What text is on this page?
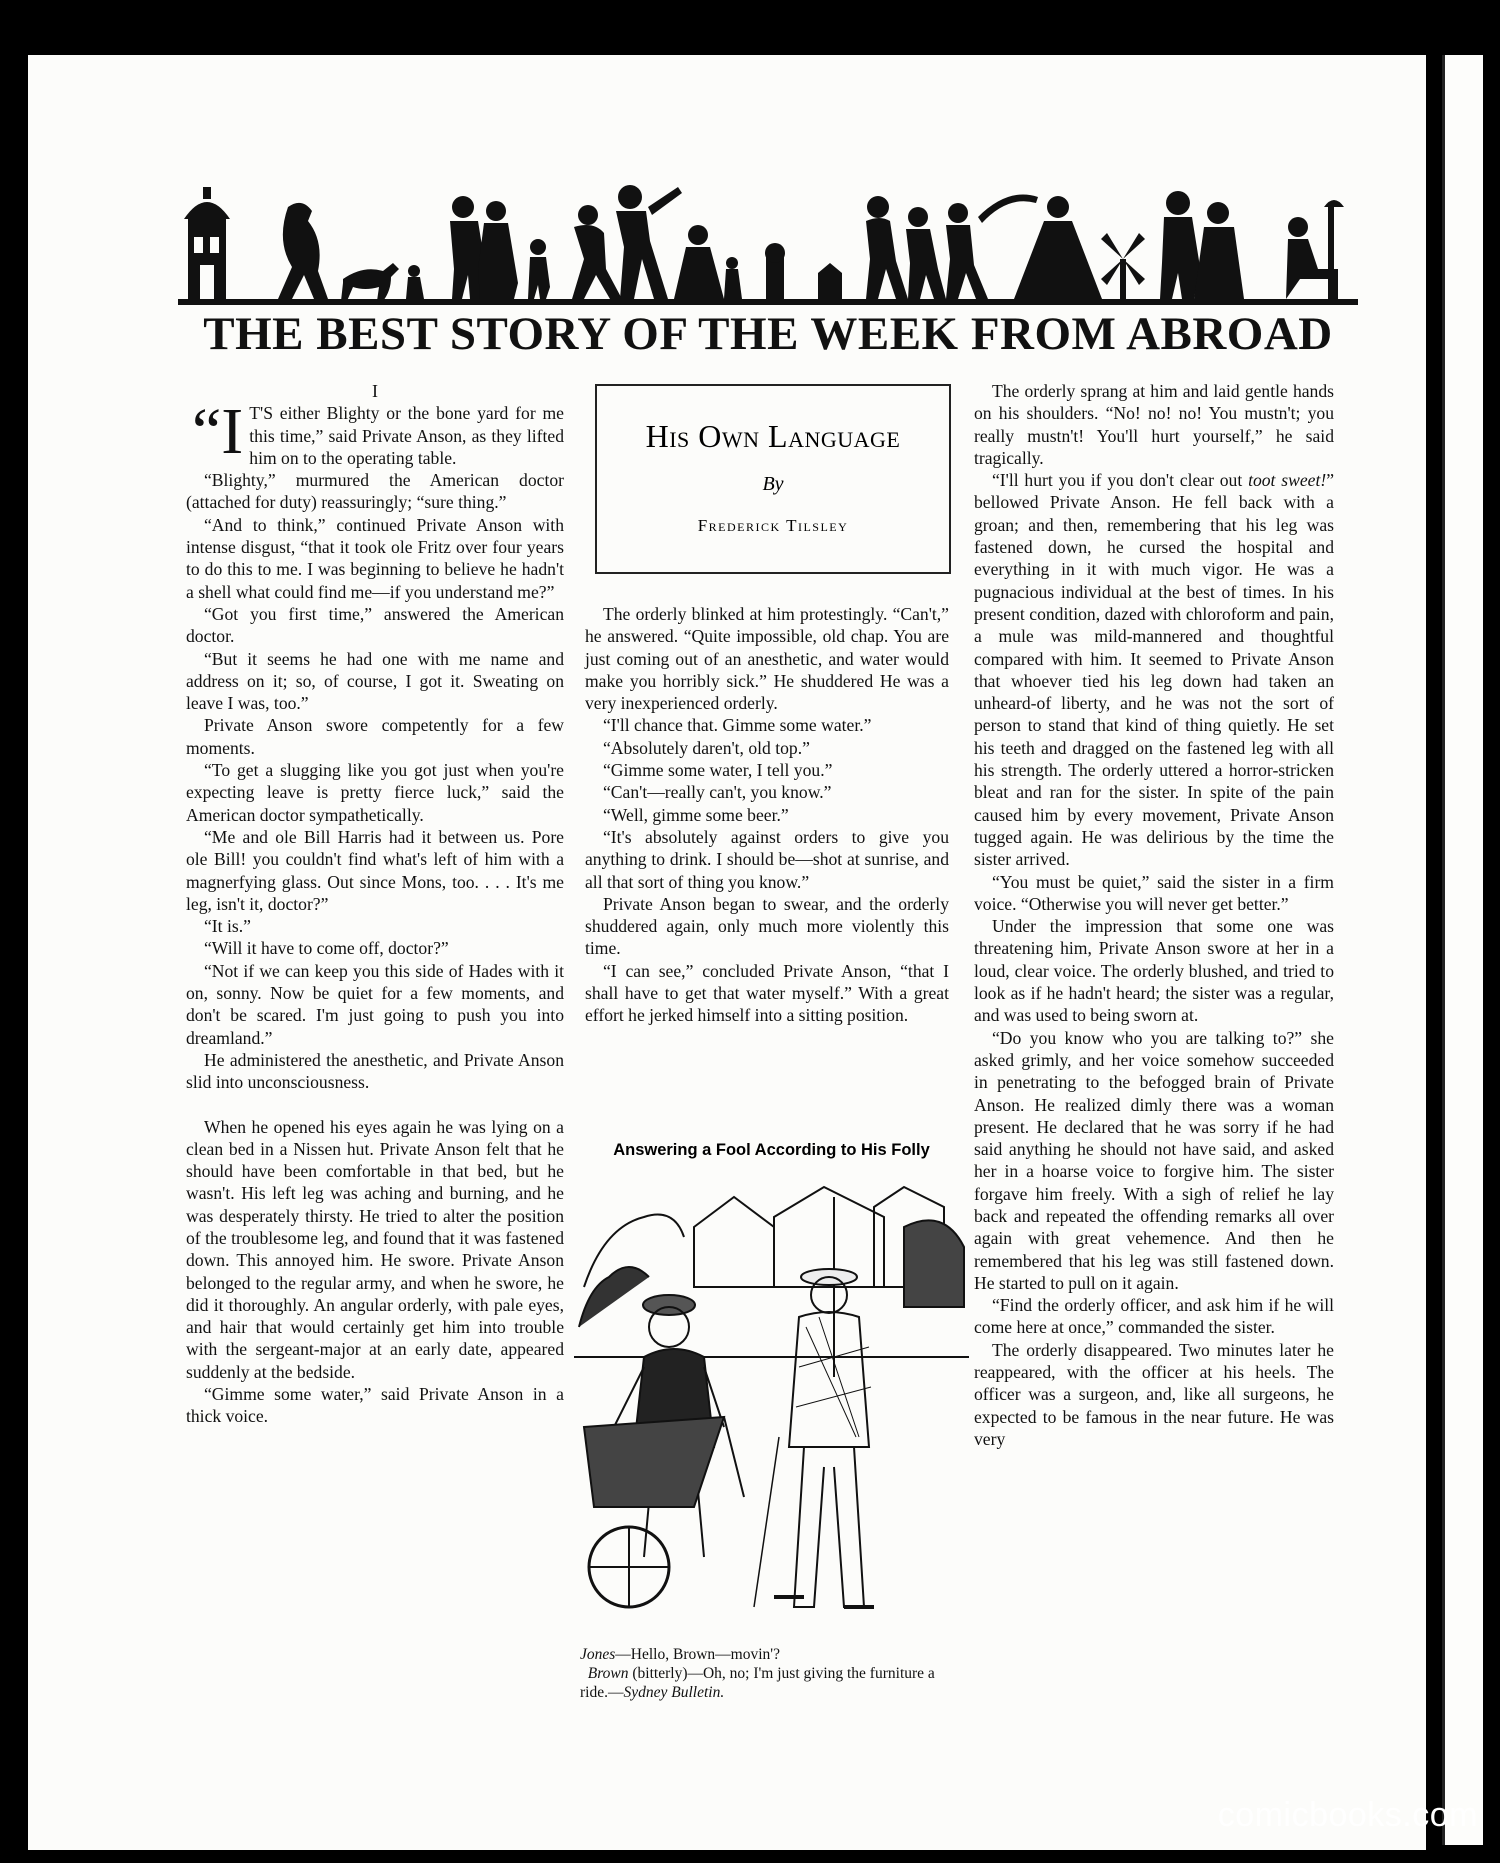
THE BEST STORY OF THE WEEK FROM ABROAD

I

“I T'S either Blighty or the bone yard for me this time,” said Private Anson, as they lifted him on to the operating table.

“Blighty,” murmured the American doctor (attached for duty) reassuringly; “sure thing.”

“And to think,” continued Private Anson with intense disgust, “that it took ole Fritz over four years to do this to me. I was beginning to believe he hadn't a shell what could find me—if you understand me?”

“Got you first time,” answered the American doctor.

“But it seems he had one with me name and address on it; so, of course, I got it. Sweating on leave I was, too.”

Private Anson swore competently for a few moments.

“To get a slugging like you got just when you're expecting leave is pretty fierce luck,” said the American doctor sympathetically.

“Me and ole Bill Harris had it between us. Pore ole Bill! you couldn't find what's left of him with a magnerfying glass. Out since Mons, too. . . . It's me leg, isn't it, doctor?”

“It is.”

“Will it have to come off, doctor?”

“Not if we can keep you this side of Hades with it on, sonny. Now be quiet for a few moments, and don't be scared. I'm just going to push you into dreamland.”

He administered the anesthetic, and Private Anson slid into unconsciousness.

When he opened his eyes again he was lying on a clean bed in a Nissen hut. Private Anson felt that he should have been comfortable in that bed, but he wasn't. His left leg was aching and burning, and he was desperately thirsty. He tried to alter the position of the troublesome leg, and found that it was fastened down. This annoyed him. He swore. Private Anson belonged to the regular army, and when he swore, he did it thoroughly. An angular orderly, with pale eyes, and hair that would certainly get him into trouble with the sergeant-major at an early date, appeared suddenly at the bedside.

“Gimme some water,” said Private Anson in a thick voice.

His Own Language
By
Frederick Tilsley

The orderly blinked at him protestingly. “Can't,” he answered. “Quite impossible, old chap. You are just coming out of an anesthetic, and water would make you horribly sick.” He shuddered He was a very inexperienced orderly.

“I'll chance that. Gimme some water.”

“Absolutely daren't, old top.”

“Gimme some water, I tell you.”

“Can't—really can't, you know.”

“Well, gimme some beer.”

“It's absolutely against orders to give you anything to drink. I should be—shot at sunrise, and all that sort of thing you know.”

Private Anson began to swear, and the orderly shuddered again, only much more violently this time.

“I can see,” concluded Private Anson, “that I shall have to get that water myself.” With a great effort he jerked himself into a sitting position.

Answering a Fool According to His Folly
Jones—Hello, Brown—movin'?
Brown (bitterly)—Oh, no; I'm just giving the furniture a ride.—Sydney Bulletin.

The orderly sprang at him and laid gentle hands on his shoulders. “No! no! no! You mustn't; you really mustn't! You'll hurt yourself,” he said tragically.

“I'll hurt you if you don't clear out toot sweet!” bellowed Private Anson. He fell back with a groan; and then, remembering that his leg was fastened down, he cursed the hospital and everything in it with much vigor. He was a pugnacious individual at the best of times. In his present condition, dazed with chloroform and pain, a mule was mild-mannered and thoughtful compared with him. It seemed to Private Anson that whoever tied his leg down had taken an unheard-of liberty, and he was not the sort of person to stand that kind of thing quietly. He set his teeth and dragged on the fastened leg with all his strength. The orderly uttered a horror-stricken bleat and ran for the sister. In spite of the pain caused him by every movement, Private Anson tugged again. He was delirious by the time the sister arrived.

“You must be quiet,” said the sister in a firm voice. “Otherwise you will never get better.”

Under the impression that some one was threatening him, Private Anson swore at her in a loud, clear voice. The orderly blushed, and tried to look as if he hadn't heard; the sister was a regular, and was used to being sworn at.

“Do you know who you are talking to?” she asked grimly, and her voice somehow succeeded in penetrating to the befogged brain of Private Anson. He realized dimly there was a woman present. He declared that he was sorry if he had said anything he should not have said, and asked her in a hoarse voice to forgive him. The sister forgave him freely. With a sigh of relief he lay back and repeated the offending remarks all over again with great vehemence. And then he remembered that his leg was still fastened down. He started to pull on it again.

“Find the orderly officer, and ask him if he will come here at once,” commanded the sister.

The orderly disappeared. Two minutes later he reappeared, with the officer at his heels. The officer was a surgeon, and, like all surgeons, he expected to be famous in the near future. He was very

comicbooks.com
